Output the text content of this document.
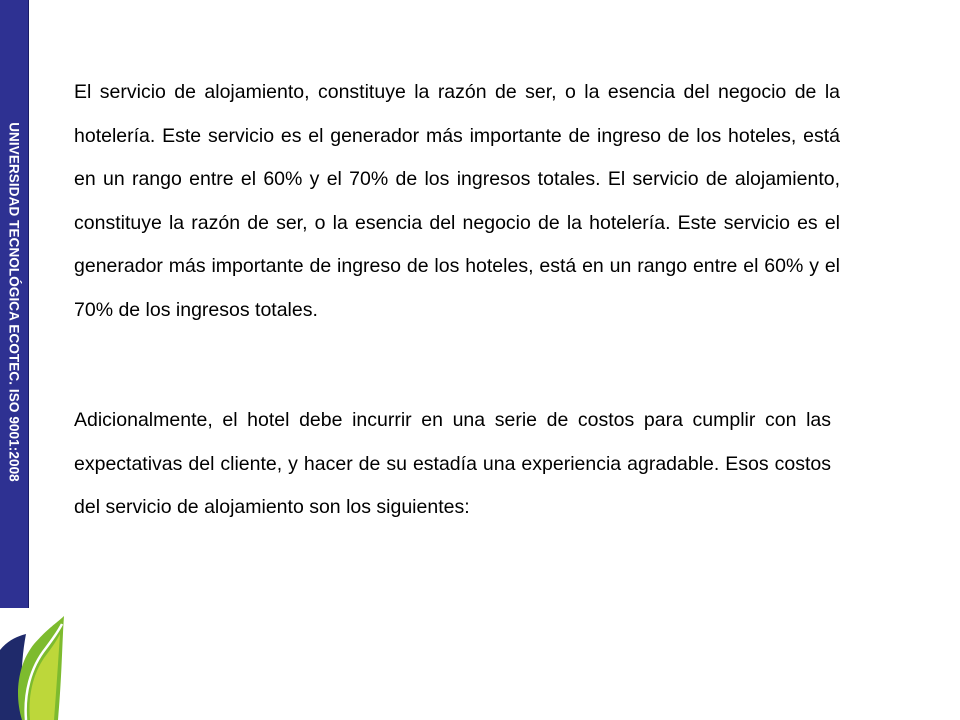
UNIVERSIDAD TECNOLÓGICA ECOTEC. ISO 9001:2008

El servicio de alojamiento, constituye la razón de ser, o la esencia del negocio de la hotelería. Este servicio es el generador más importante de ingreso de los hoteles, está en un rango entre el 60% y el 70% de los ingresos totales. El servicio de alojamiento, constituye la razón de ser, o la esencia del negocio de la hotelería. Este servicio es el generador más importante de ingreso de los hoteles, está en un rango entre el 60% y el 70% de los ingresos totales.

Adicionalmente, el hotel debe incurrir en una serie de costos para cumplir con las expectativas del cliente, y hacer de su estadía una experiencia agradable. Esos costos del servicio de alojamiento son los siguientes:
